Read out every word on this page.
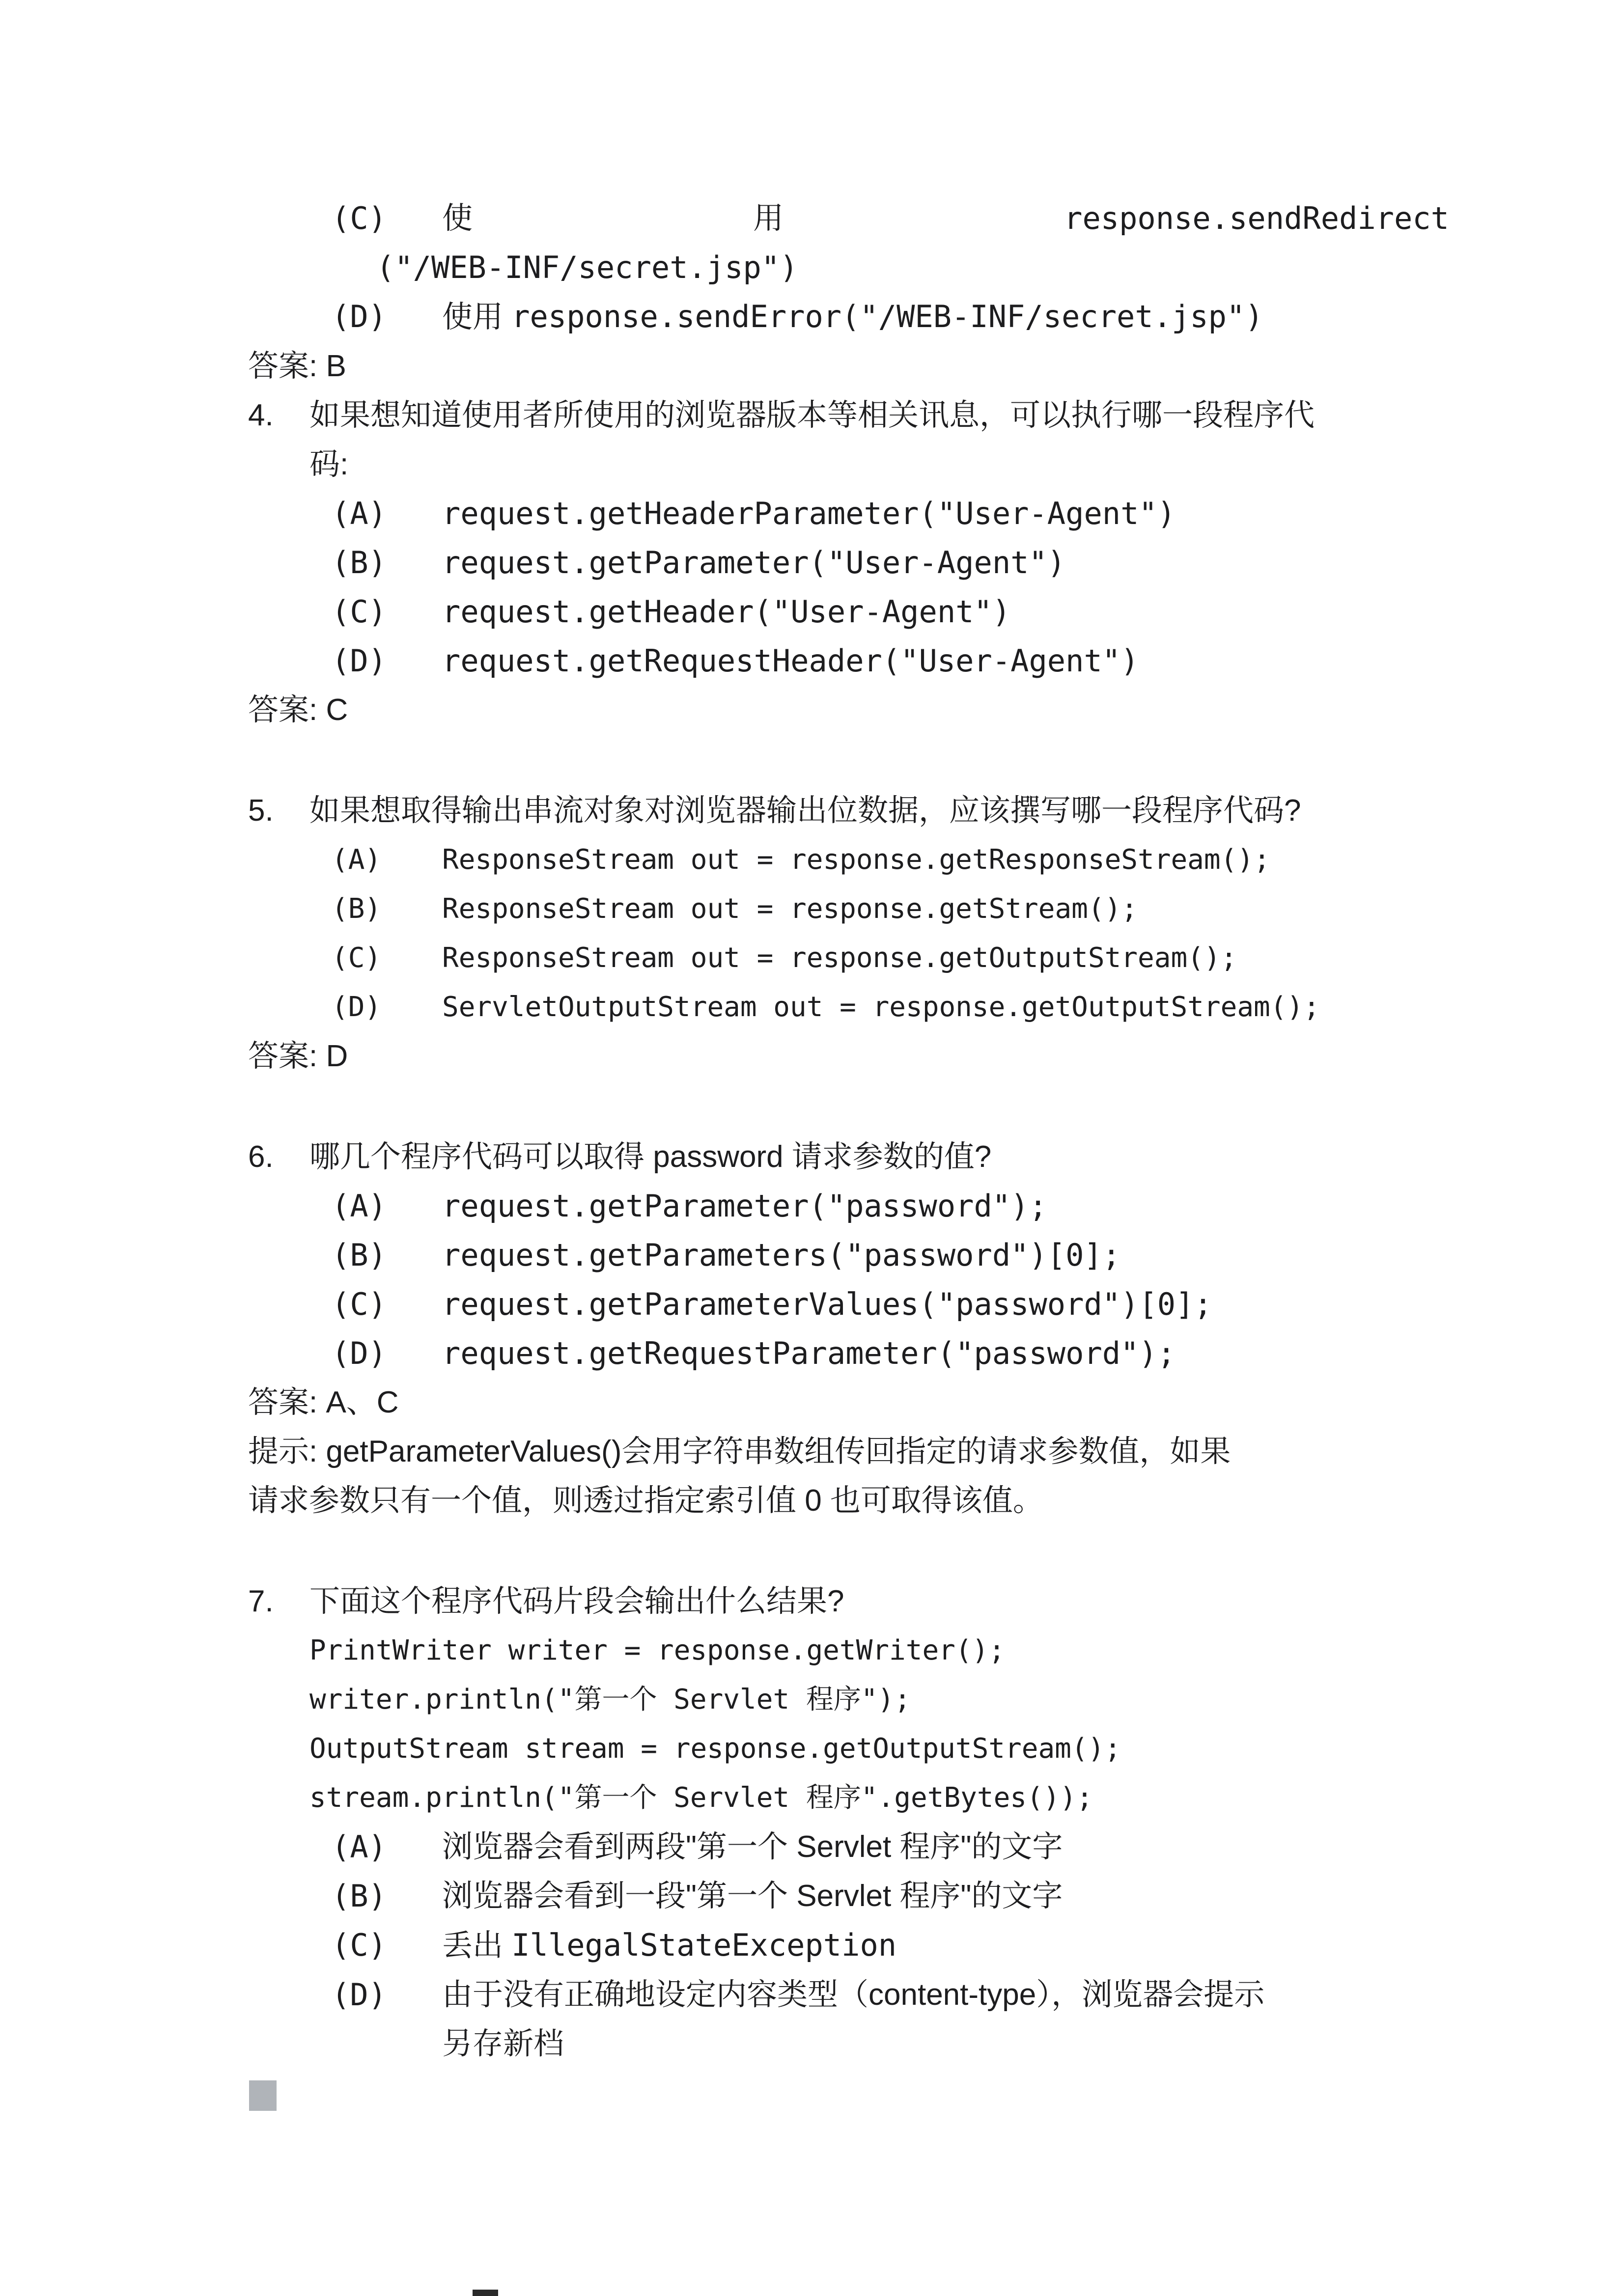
(C)	使	用	response.sendRedirect
("/WEB-INF/secret.jsp")
(D)	使用 response.sendError("/WEB-INF/secret.jsp")
答案: B
4.	如果想知道使用者所使用的浏览器版本等相关讯息，可以执行哪一段程序代
码:
(A)	request.getHeaderParameter("User-Agent")
(B)	request.getParameter("User-Agent")
(C)	request.getHeader("User-Agent")
(D)	request.getRequestHeader("User-Agent")
答案: C
5.	如果想取得输出串流对象对浏览器输出位数据，应该撰写哪一段程序代码?
(A)	ResponseStream out = response.getResponseStream();
(B)	ResponseStream out = response.getStream();
(C)	ResponseStream out = response.getOutputStream();
(D)	ServletOutputStream out = response.getOutputStream();
答案: D
6.	哪几个程序代码可以取得 password 请求参数的值?
(A)	request.getParameter("password");
(B)	request.getParameters("password")[0];
(C)	request.getParameterValues("password")[0];
(D)	request.getRequestParameter("password");
答案: A、C
提示: getParameterValues()会用字符串数组传回指定的请求参数值，如果
请求参数只有一个值，则透过指定索引值 0 也可取得该值。
7.	下面这个程序代码片段会输出什么结果?
PrintWriter writer = response.getWriter();
writer.println("第一个 Servlet 程序");
OutputStream stream = response.getOutputStream();
stream.println("第一个 Servlet 程序".getBytes());
(A)	浏览器会看到两段"第一个 Servlet 程序"的文字
(B)	浏览器会看到一段"第一个 Servlet 程序"的文字
(C)	丢出 IllegalStateException
(D)	由于没有正确地设定内容类型（content-type），浏览器会提示
另存新档
